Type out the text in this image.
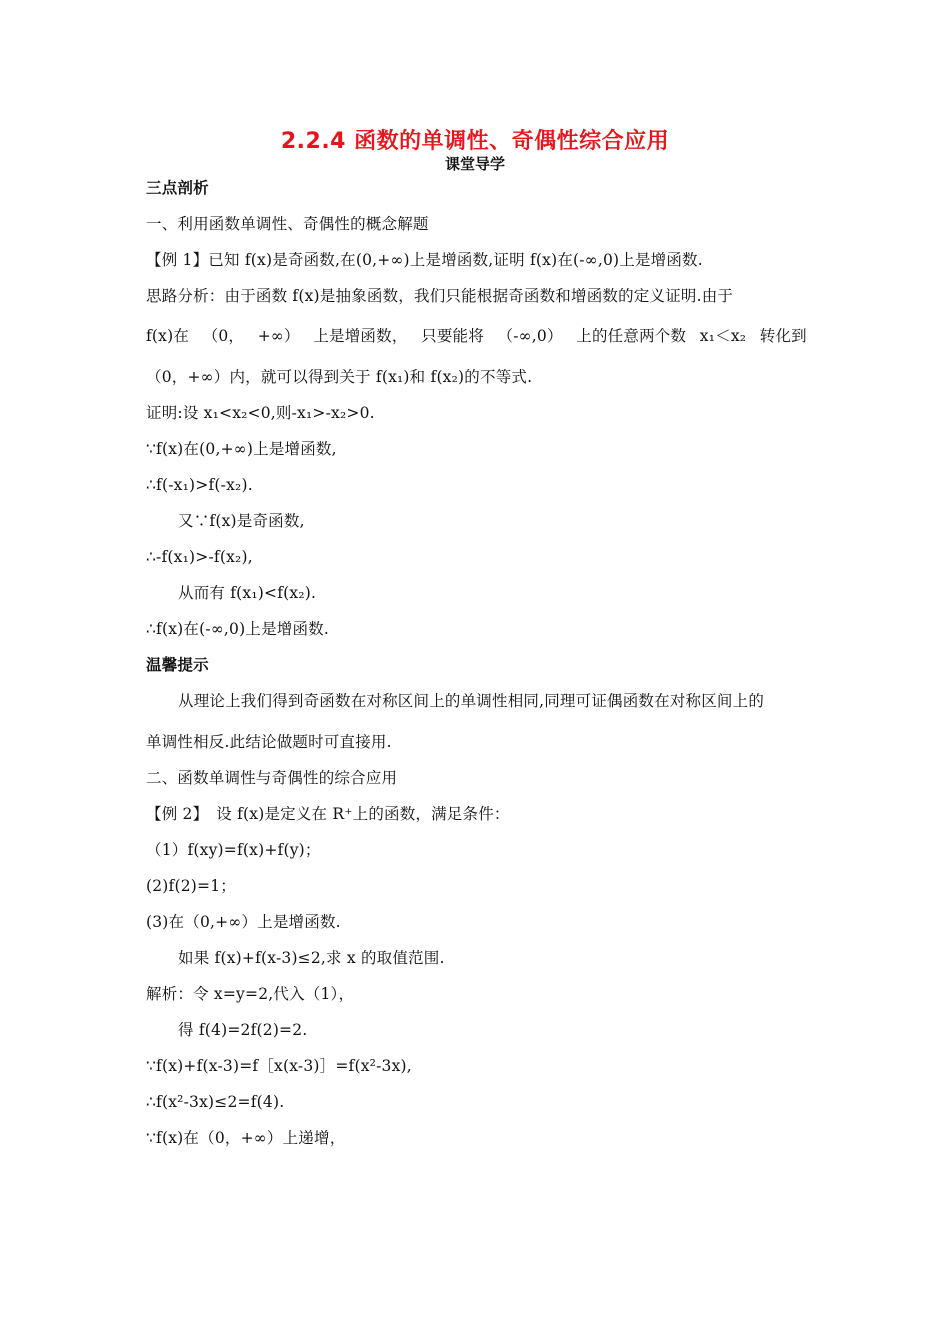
2.2.4 函数的单调性、奇偶性综合应用
课堂导学
三点剖析
一、利用函数单调性、奇偶性的概念解题
【例 1】已知 f(x)是奇函数,在(0,+∞)上是增函数,证明 f(x)在(-∞,0)上是增函数.
思路分析：由于函数 f(x)是抽象函数，我们只能根据奇函数和增函数的定义证明.由于
f(x)在 （0， +∞） 上是增函数， 只要能将 （-∞,0） 上的任意两个数 x₁＜x₂ 转化到
（0，+∞）内，就可以得到关于 f(x₁)和 f(x₂)的不等式.
证明:设 x₁<x₂<0,则-x₁>-x₂>0.
∵f(x)在(0,+∞)上是增函数,
∴f(-x₁)>f(-x₂).
又∵f(x)是奇函数,
∴-f(x₁)>-f(x₂),
从而有 f(x₁)<f(x₂).
∴f(x)在(-∞,0)上是增函数.
温馨提示
从理论上我们得到奇函数在对称区间上的单调性相同,同理可证偶函数在对称区间上的
单调性相反.此结论做题时可直接用.
二、函数单调性与奇偶性的综合应用
【例 2】　设 f(x)是定义在 R⁺上的函数，满足条件：
（1）f(xy)=f(x)+f(y)；
(2)f(2)=1；
(3)在（0,+∞）上是增函数.
如果 f(x)+f(x-3)≤2,求 x 的取值范围.
解析：令 x=y=2,代入（1），
得 f(4)=2f(2)=2.
∵f(x)+f(x-3)=f［x(x-3)］=f(x²-3x),
∴f(x²-3x)≤2=f(4).
∵f(x)在（0，+∞）上递增，
